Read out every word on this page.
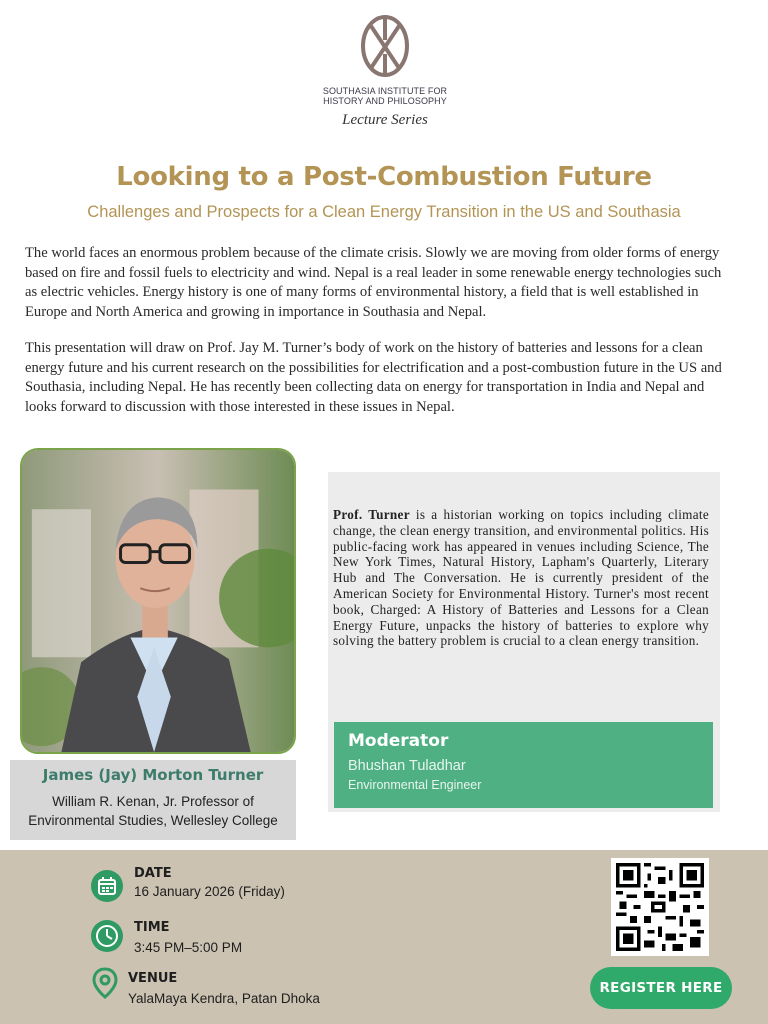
SOUTHASIA INSTITUTE FOR
HISTORY AND PHILOSOPHY
Lecture Series
Looking to a Post-Combustion Future
Challenges and Prospects for a Clean Energy Transition in the US and Southasia

The world faces an enormous problem because of the climate crisis. Slowly we are moving from older forms of energy based on fire and fossil fuels to electricity and wind. Nepal is a real leader in some renewable energy technologies such as electric vehicles. Energy history is one of many forms of environmental history, a field that is well established in Europe and North America and growing in importance in Southasia and Nepal.

This presentation will draw on Prof. Jay M. Turner’s body of work on the history of batteries and lessons for a clean energy future and his current research on the possibilities for electrification and a post-combustion future in the US and Southasia, including Nepal. He has recently been collecting data on energy for transportation in India and Nepal and looks forward to discussion with those interested in these issues in Nepal.

James (Jay) Morton Turner
William R. Kenan, Jr. Professor of
Environmental Studies, Wellesley College

Prof. Turner is a historian working on topics including climate change, the clean energy transition, and environmental politics. His public-facing work has appeared in venues including Science, The New York Times, Natural History, Lapham's Quarterly, Literary Hub and The Conversation. He is currently president of the American Society for Environmental History. Turner's most recent book, Charged: A History of Batteries and Lessons for a Clean Energy Future, unpacks the history of batteries to explore why solving the battery problem is crucial to a clean energy transition.

Moderator
Bhushan Tuladhar
Environmental Engineer
DATE
16 January 2026 (Friday)
TIME
3:45 PM–5:00 PM
VENUE
YalaMaya Kendra, Patan Dhoka
REGISTER HERE
